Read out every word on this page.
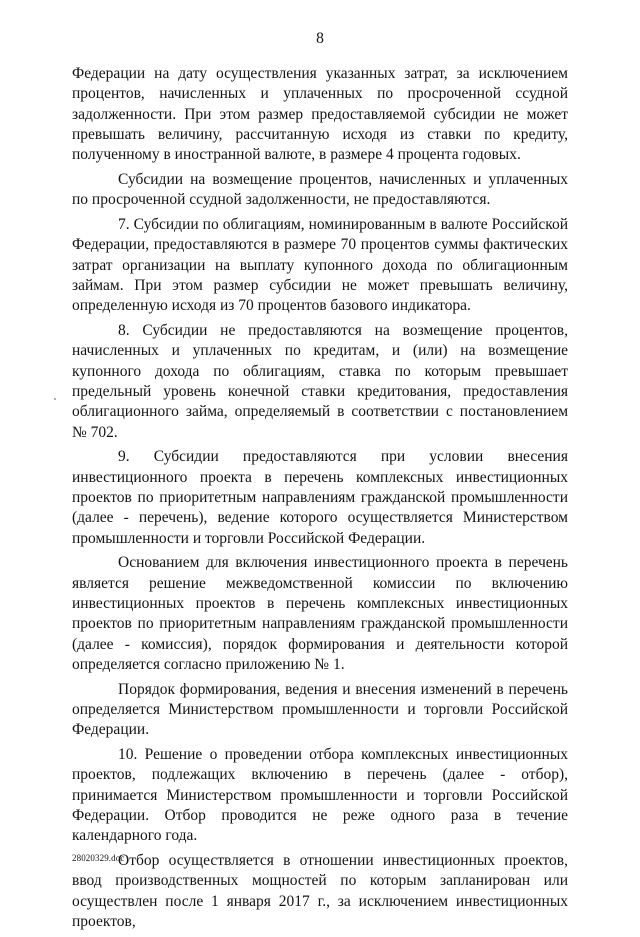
8

Федерации на дату осуществления указанных затрат, за исключением процентов, начисленных и уплаченных по просроченной ссудной задолженности. При этом размер предоставляемой субсидии не может превышать величину, рассчитанную исходя из ставки по кредиту, полученному в иностранной валюте, в размере 4 процента годовых.

Субсидии на возмещение процентов, начисленных и уплаченных по просроченной ссудной задолженности, не предоставляются.

7. Субсидии по облигациям, номинированным в валюте Российской Федерации, предоставляются в размере 70 процентов суммы фактических затрат организации на выплату купонного дохода по облигационным займам. При этом размер субсидии не может превышать величину, определенную исходя из 70 процентов базового индикатора.

8. Субсидии не предоставляются на возмещение процентов, начисленных и уплаченных по кредитам, и (или) на возмещение купонного дохода по облигациям, ставка по которым превышает предельный уровень конечной ставки кредитования, предоставления облигационного займа, определяемый в соответствии с постановлением № 702.

9. Субсидии предоставляются при условии внесения инвестиционного проекта в перечень комплексных инвестиционных проектов по приоритетным направлениям гражданской промышленности (далее - перечень), ведение которого осуществляется Министерством промышленности и торговли Российской Федерации.

Основанием для включения инвестиционного проекта в перечень является решение межведомственной комиссии по включению инвестиционных проектов в перечень комплексных инвестиционных проектов по приоритетным направлениям гражданской промышленности (далее - комиссия), порядок формирования и деятельности которой определяется согласно приложению № 1.

Порядок формирования, ведения и внесения изменений в перечень определяется Министерством промышленности и торговли Российской Федерации.

10. Решение о проведении отбора комплексных инвестиционных проектов, подлежащих включению в перечень (далее - отбор), принимается Министерством промышленности и торговли Российской Федерации. Отбор проводится не реже одного раза в течение календарного года.

Отбор осуществляется в отношении инвестиционных проектов, ввод производственных мощностей по которым запланирован или осуществлен после 1 января 2017 г., за исключением инвестиционных проектов,

28020329.doc
